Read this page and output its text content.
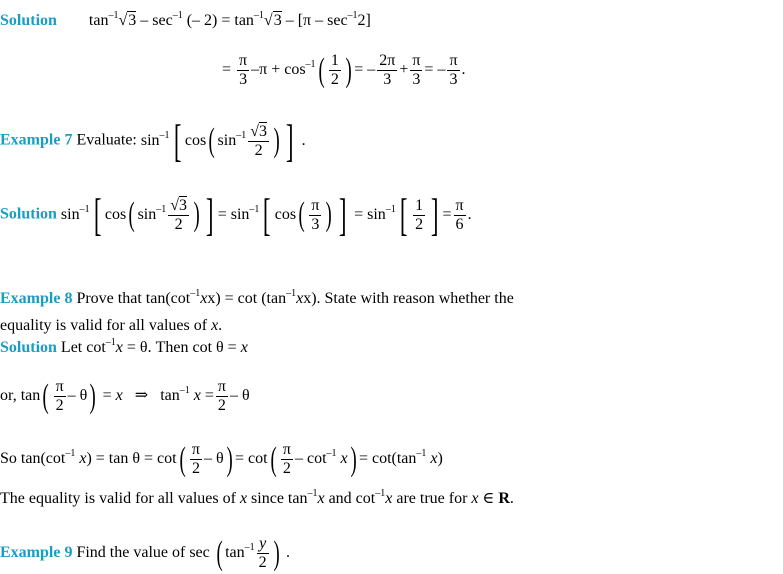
Solution $\tan^{-1}√3 - \sec^{-1}$ (– $2) = \tan^{-1}√3 - [\pi - \sec^{-1}2]$
= $\frac{\pi}{3} -\pi + \cos^{-1}( \frac{1}{2}$ ) = – $\frac{2\pi}{3} + \frac{\pi}{3}$ = – $\frac{\pi}{3}$ .
Example 7 Evaluate: $\sin^{-1}$[ cos( $\sin^{-1} \frac{√3}{2}$ ) ] .
Solution $\sin^{-1}$[ cos( $\sin^{-1} \frac{√3}{2}$ ) ] = $\sin^{-1}$[ $\cos( \frac{\pi}{3}$ ) ] = $\sin^{-1}[ \frac{1}{2}$ ] = $\frac{\pi}{6}$ .
Example 8 Prove that $\tan(\cot^{-1}xx) = \cot (\tan^{-1}xx)$. State with reason whether the
equality is valid for all values of x.
Solution Let $\cot^{-1}x = \theta$. Then cot θ = x
or, $\tan( \frac{\pi}{2} - \theta) = x$ ⇒ $\tan^{-1} x = \frac{\pi}{2} - \theta$
So $\tan(\cot^{-1}$ $x) = \tan \theta = \cot( \frac{\pi}{2} - \theta) = \cot( \frac{\pi}{2} - \cot^{-1} x) = \cot(\tan^{-1}$ x)
The equality is valid for all values of x since $\tan^{-1}x$ and $\cot^{-1}x$ are true for x ∈ R.
Example 9 Find the value of sec ( $\tan^{-1} \frac{y}{2}$ ) .
